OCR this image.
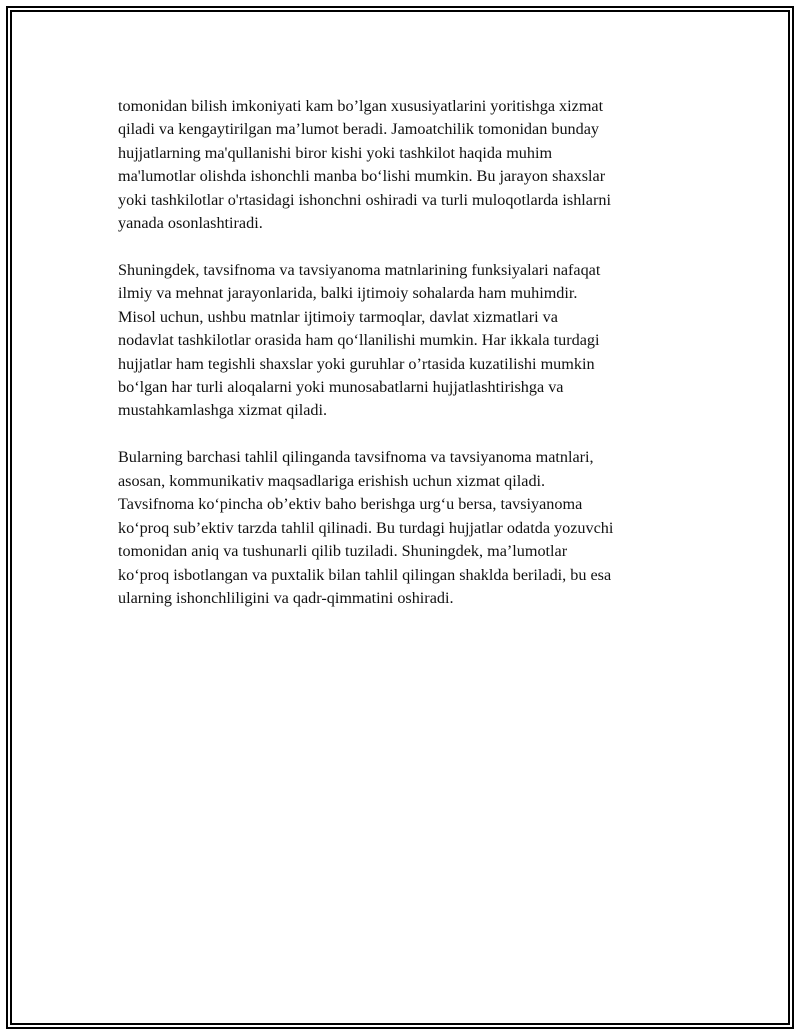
tomonidan bilish imkoniyati kam bo’lgan xususiyatlarini yoritishga xizmat
qiladi va kengaytirilgan ma’lumot beradi. Jamoatchilik tomonidan bunday
hujjatlarning ma'qullanishi biror kishi yoki tashkilot haqida muhim
ma'lumotlar olishda ishonchli manba bo‘lishi mumkin. Bu jarayon shaxslar
yoki tashkilotlar o'rtasidagi ishonchni oshiradi va turli muloqotlarda ishlarni
yanada osonlashtiradi.

Shuningdek, tavsifnoma va tavsiyanoma matnlarining funksiyalari nafaqat
ilmiy va mehnat jarayonlarida, balki ijtimoiy sohalarda ham muhimdir.
Misol uchun, ushbu matnlar ijtimoiy tarmoqlar, davlat xizmatlari va
nodavlat tashkilotlar orasida ham qo‘llanilishi mumkin. Har ikkala turdagi
hujjatlar ham tegishli shaxslar yoki guruhlar o’rtasida kuzatilishi mumkin
bo‘lgan har turli aloqalarni yoki munosabatlarni hujjatlashtirishga va
mustahkamlashga xizmat qiladi.

Bularning barchasi tahlil qilinganda tavsifnoma va tavsiyanoma matnlari,
asosan, kommunikativ maqsadlariga erishish uchun xizmat qiladi.
Tavsifnoma ko‘pincha ob’ektiv baho berishga urg‘u bersa, tavsiyanoma
ko‘proq sub’ektiv tarzda tahlil qilinadi. Bu turdagi hujjatlar odatda yozuvchi
tomonidan aniq va tushunarli qilib tuziladi. Shuningdek, ma’lumotlar
ko‘proq isbotlangan va puxtalik bilan tahlil qilingan shaklda beriladi, bu esa
ularning ishonchliligini va qadr-qimmatini oshiradi.
